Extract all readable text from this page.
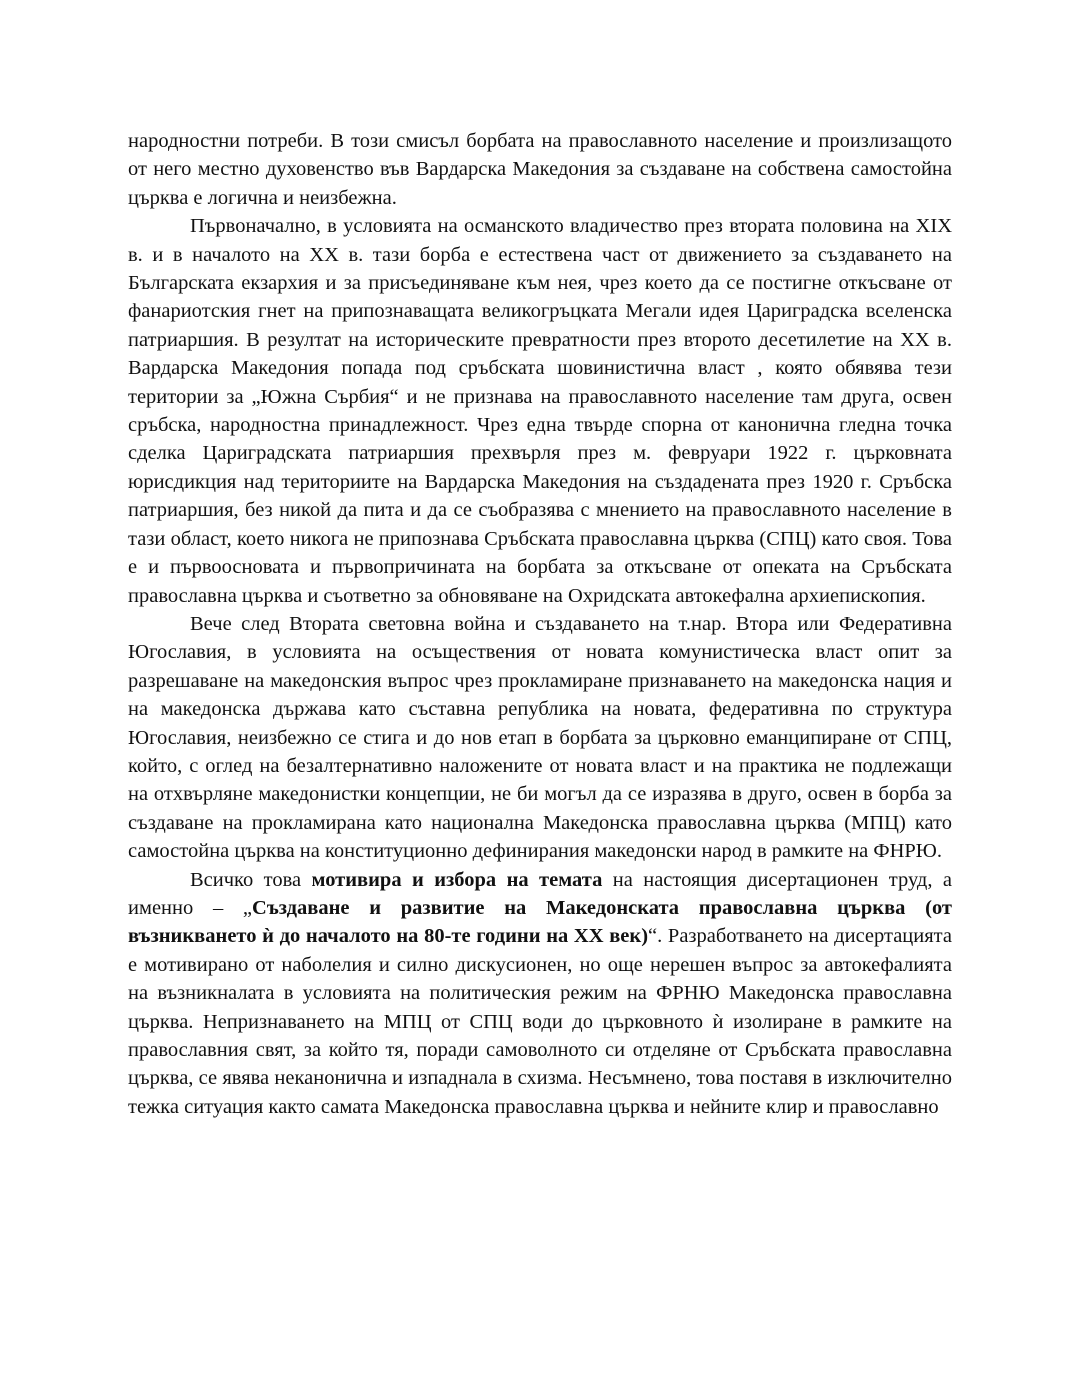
народностни потреби. В този смисъл борбата на православното население и произлизащото от него местно духовенство във Вардарска Македония за създаване на собствена самостойна църква е логична и неизбежна.

Първоначално, в условията на османското владичество през втората половина на XIX в. и в началото на XX в. тази борба е естествена част от движението за създаването на Българската екзархия и за присъединяване към нея, чрез което да се постигне откъсване от фанариотския гнет на припознаващата великогръцката Мегали идея Цариградска вселенска патриаршия. В резултат на историческите превратности през второто десетилетие на XX в. Вардарска Македония попада под сръбската шовинистична власт , която обявява тези територии за „Южна Сърбия“ и не признава на православното население там друга, освен сръбска, народностна принадлежност. Чрез една твърде спорна от канонична гледна точка сделка Цариградската патриаршия прехвърля през м. февруари 1922 г. църковната юрисдикция над териториите на Вардарска Македония на създадената през 1920 г. Сръбска патриаршия, без никой да пита и да се съобразява с мнението на православното население в тази област, което никога не припознава Сръбската православна църква (СПЦ) като своя. Това е и първоосновата и първопричината на борбата за откъсване от опеката на Сръбската православна църква и съответно за обновяване на Охридската автокефална архиепископия.

Вече след Втората световна война и създаването на т.нар. Втора или Федеративна Югославия, в условията на осъществения от новата комунистическа власт опит за разрешаване на македонския въпрос чрез прокламиране признаването на македонска нация и на македонска държава като съставна република на новата, федеративна по структура Югославия, неизбежно се стига и до нов етап в борбата за църковно еманципиране от СПЦ, който, с оглед на безалтернативно наложените от новата власт и на практика не подлежащи на отхвърляне македонистки концепции, не би могъл да се изразява в друго, освен в борба за създаване на прокламирана като национална Македонска православна църква (МПЦ) като самостойна църква на конституционно дефинирания македонски народ в рамките на ФНРЮ.

Всичко това мотивира и избора на темата на настоящия дисертационен труд, а именно – „Създаване и развитие на Македонската православна църква (от възникването ѝ до началото на 80-те години на XX век)“. Разработването на дисертацията е мотивирано от наболелия и силно дискусионен, но още нерешен въпрос за автокефалията на възникналата в условията на политическия режим на ФРНЮ Македонска православна църква. Непризнаването на МПЦ от СПЦ води до църковното ѝ изолиране в рамките на православния свят, за който тя, поради самоволното си отделяне от Сръбската православна църква, се явява неканонична и изпаднала в схизма. Несъмнено, това поставя в изключително тежка ситуация както самата Македонска православна църква и нейните клир и православно
